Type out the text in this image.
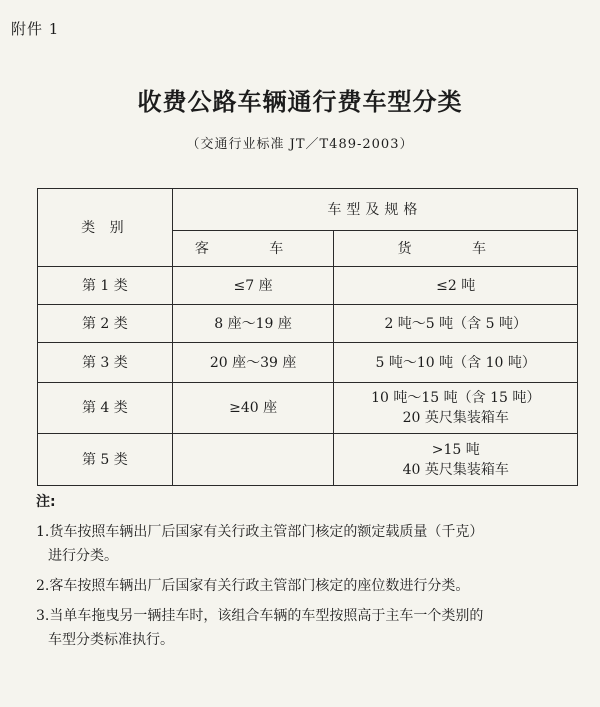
附件 1
收费公路车辆通行费车型分类
（交通行业标准 JT／T489-2003）
类 别	车型及规格	
	客 车	货 车
第 1 类	≤7 座	≤2 吨
第 2 类	8 座～19 座	2 吨～5 吨（含 5 吨）
第 3 类	20 座～39 座	5 吨～10 吨（含 10 吨）
第 4 类	≥40 座	10 吨～15 吨（含 15 吨）
20 英尺集装箱车

第 5 类		>15 吨
40 英尺集装箱车
注:
1.货车按照车辆出厂后国家有关行政主管部门核定的额定载质量（千克）
进行分类。
2.客车按照车辆出厂后国家有关行政主管部门核定的座位数进行分类。
3.当单车拖曳另一辆挂车时，该组合车辆的车型按照高于主车一个类别的
车型分类标准执行。
